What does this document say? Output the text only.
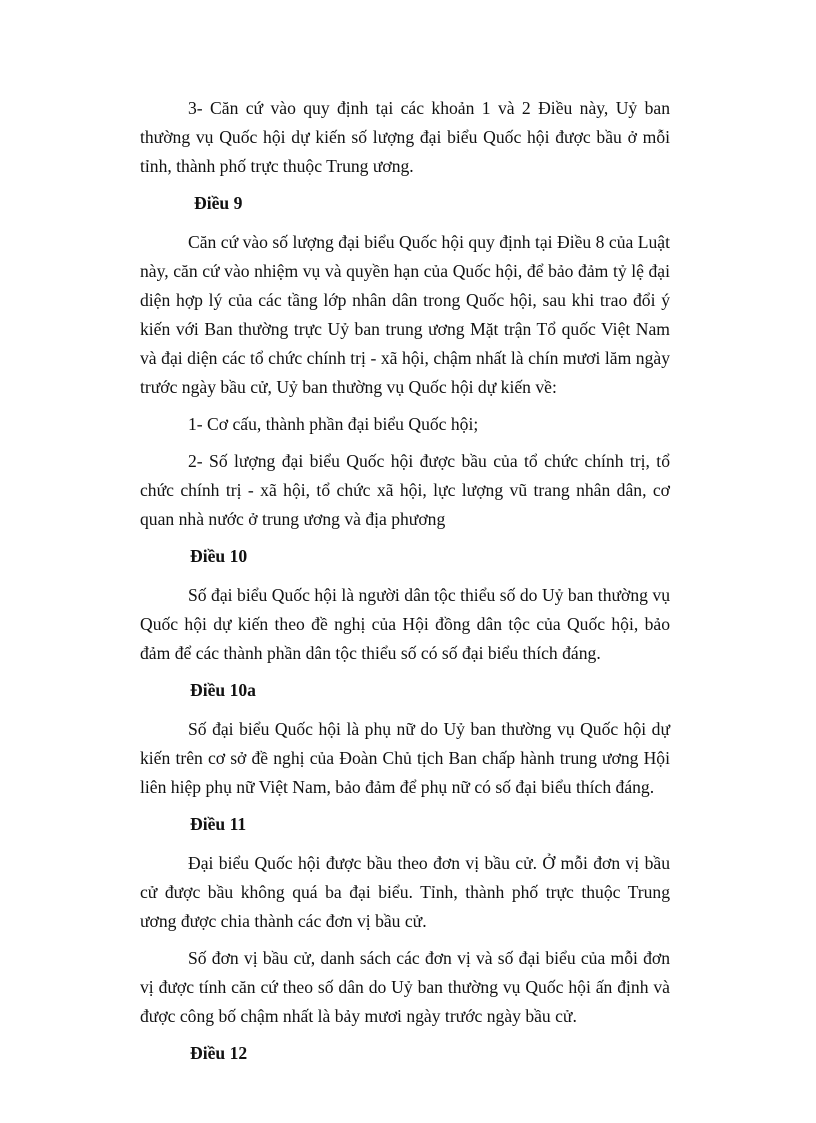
3- Căn cứ vào quy định tại các khoản 1 và 2 Điều này, Uỷ ban thường vụ Quốc hội dự kiến số lượng đại biểu Quốc hội được bầu ở mỗi tỉnh, thành phố trực thuộc Trung ương.

Điều 9

Căn cứ vào số lượng đại biểu Quốc hội quy định tại Điều 8 của Luật này, căn cứ vào nhiệm vụ và quyền hạn của Quốc hội, để bảo đảm tỷ lệ đại diện hợp lý của các tầng lớp nhân dân trong Quốc hội, sau khi trao đổi ý kiến với Ban thường trực Uỷ ban trung ương Mặt trận Tổ quốc Việt Nam và đại diện các tổ chức chính trị - xã hội, chậm nhất là chín mươi lăm ngày trước ngày bầu cử, Uỷ ban thường vụ Quốc hội dự kiến về:

1- Cơ cấu, thành phần đại biểu Quốc hội;

2- Số lượng đại biểu Quốc hội được bầu của tổ chức chính trị, tổ chức chính trị - xã hội, tổ chức xã hội, lực lượng vũ trang nhân dân, cơ quan nhà nước ở trung ương và địa phương

Điều 10

Số đại biểu Quốc hội là người dân tộc thiểu số do Uỷ ban thường vụ Quốc hội dự kiến theo đề nghị của Hội đồng dân tộc của Quốc hội, bảo đảm để các thành phần dân tộc thiểu số có số đại biểu thích đáng.

Điều 10a

Số đại biểu Quốc hội là phụ nữ do Uỷ ban thường vụ Quốc hội dự kiến trên cơ sở đề nghị của Đoàn Chủ tịch Ban chấp hành trung ương Hội liên hiệp phụ nữ Việt Nam, bảo đảm để phụ nữ có số đại biểu thích đáng.

Điều 11

Đại biểu Quốc hội được bầu theo đơn vị bầu cử. Ở mỗi đơn vị bầu cử được bầu không quá ba đại biểu. Tỉnh, thành phố trực thuộc Trung ương được chia thành các đơn vị bầu cử.

Số đơn vị bầu cử, danh sách các đơn vị và số đại biểu của mỗi đơn vị được tính căn cứ theo số dân do Uỷ ban thường vụ Quốc hội ấn định và được công bố chậm nhất là bảy mươi ngày trước ngày bầu cử.

Điều 12
